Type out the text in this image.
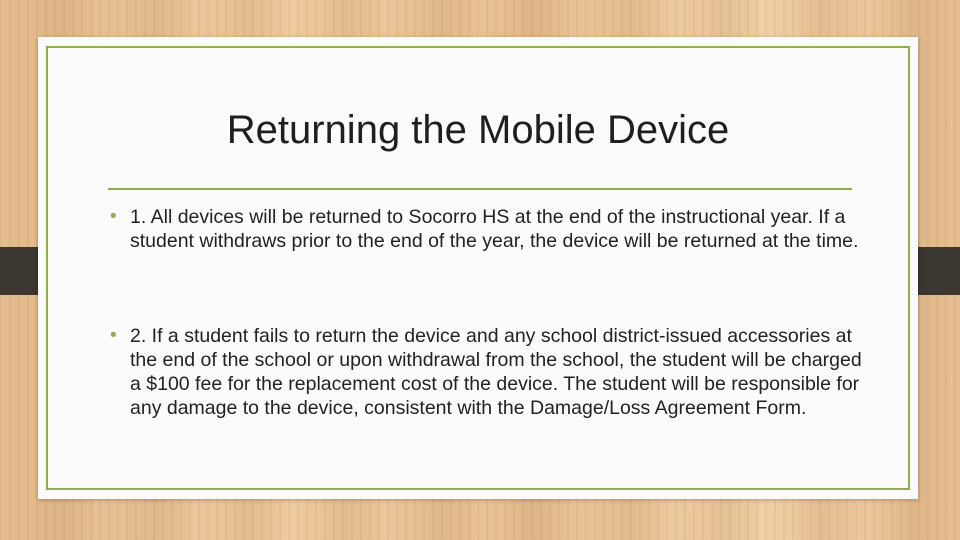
Returning the Mobile Device
• 1. All devices will be returned to Socorro HS at the end of the instructional year. If a student withdraws prior to the end of the year, the device will be returned at the time.
• 2. If a student fails to return the device and any school district-issued accessories at the end of the school or upon withdrawal from the school, the student will be charged a $100 fee for the replacement cost of the device. The student will be responsible for any damage to the device, consistent with the Damage/Loss Agreement Form.
